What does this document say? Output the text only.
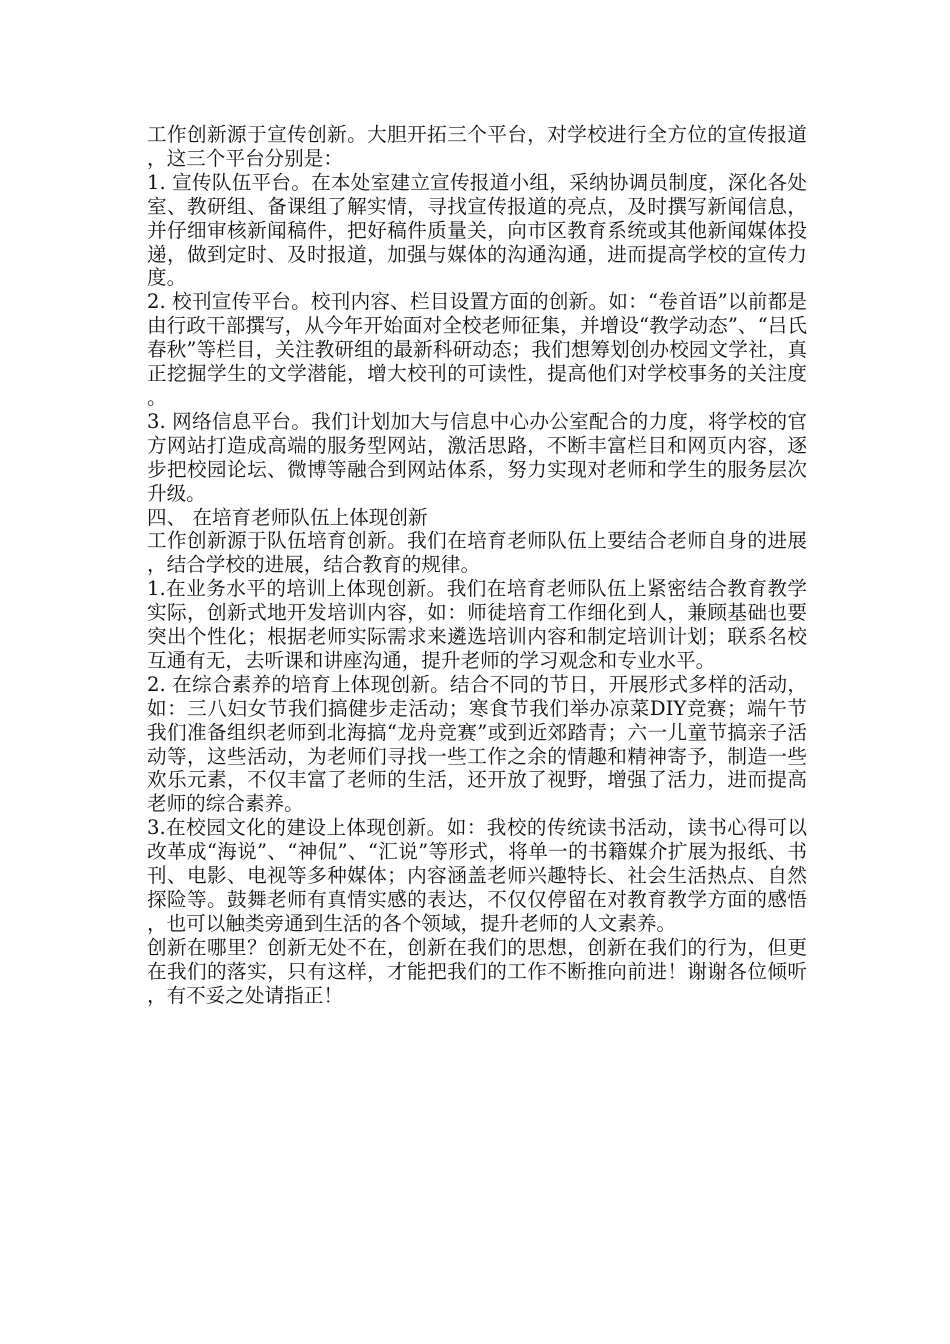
工作创新源于宣传创新。大胆开拓三个平台，对学校进行全方位的宣传报道，这三个平台分别是：

1. 宣传队伍平台。在本处室建立宣传报道小组，采纳协调员制度，深化各处室、教研组、备课组了解实情，寻找宣传报道的亮点，及时撰写新闻信息，并仔细审核新闻稿件，把好稿件质量关，向市区教育系统或其他新闻媒体投递，做到定时、及时报道，加强与媒体的沟通沟通，进而提高学校的宣传力度。

2. 校刊宣传平台。校刊内容、栏目设置方面的创新。如：“卷首语”以前都是由行政干部撰写，从今年开始面对全校老师征集，并增设“教学动态”、“吕氏春秋”等栏目，关注教研组的最新科研动态；我们想筹划创办校园文学社，真正挖掘学生的文学潜能，增大校刊的可读性，提高他们对学校事务的关注度。

3. 网络信息平台。我们计划加大与信息中心办公室配合的力度，将学校的官方网站打造成高端的服务型网站，激活思路，不断丰富栏目和网页内容，逐步把校园论坛、微博等融合到网站体系，努力实现对老师和学生的服务层次升级。

四、 在培育老师队伍上体现创新

工作创新源于队伍培育创新。我们在培育老师队伍上要结合老师自身的进展，结合学校的进展，结合教育的规律。

1.在业务水平的培训上体现创新。我们在培育老师队伍上紧密结合教育教学实际，创新式地开发培训内容，如：师徒培育工作细化到人，兼顾基础也要突出个性化；根据老师实际需求来遴选培训内容和制定培训计划；联系名校互通有无，去听课和讲座沟通，提升老师的学习观念和专业水平。

2. 在综合素养的培育上体现创新。结合不同的节日，开展形式多样的活动，如：三八妇女节我们搞健步走活动；寒食节我们举办凉菜DIY竞赛；端午节我们准备组织老师到北海搞“龙舟竞赛”或到近郊踏青；六一儿童节搞亲子活动等，这些活动，为老师们寻找一些工作之余的情趣和精神寄予，制造一些欢乐元素，不仅丰富了老师的生活，还开放了视野，增强了活力，进而提高老师的综合素养。

3.在校园文化的建设上体现创新。如：我校的传统读书活动，读书心得可以改革成“海说”、“神侃”、“汇说”等形式，将单一的书籍媒介扩展为报纸、书刊、电影、电视等多种媒体；内容涵盖老师兴趣特长、社会生活热点、自然探险等。鼓舞老师有真情实感的表达，不仅仅停留在对教育教学方面的感悟，也可以触类旁通到生活的各个领域，提升老师的人文素养。

创新在哪里？创新无处不在，创新在我们的思想，创新在我们的行为，但更在我们的落实，只有这样，才能把我们的工作不断推向前进！谢谢各位倾听，有不妥之处请指正！
